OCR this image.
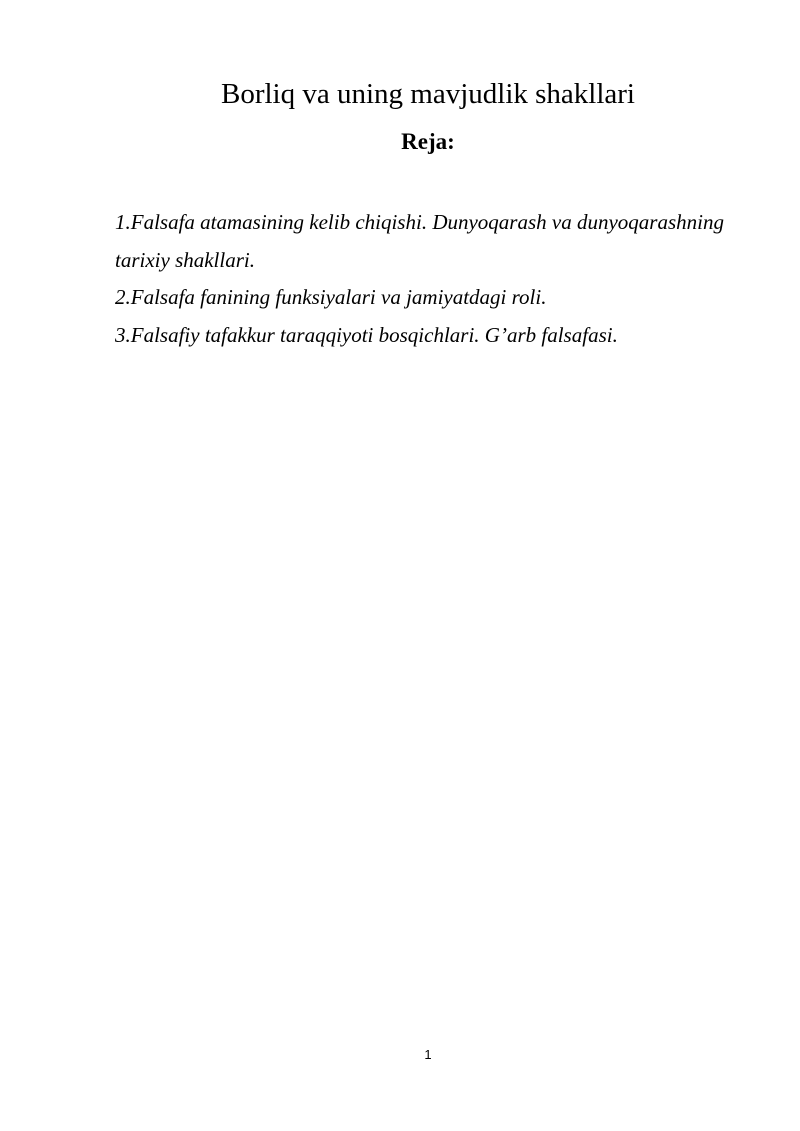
Borliq va uning mavjudlik shakllari
Reja:
1.Falsafa atamasining kelib chiqishi. Dunyoqarash va dunyoqarashning tarixiy shakllari.
2.Falsafa fanining funksiyalari va jamiyatdagi roli.
3.Falsafiy tafakkur taraqqiyoti bosqichlari. G’arb falsafasi.
1
